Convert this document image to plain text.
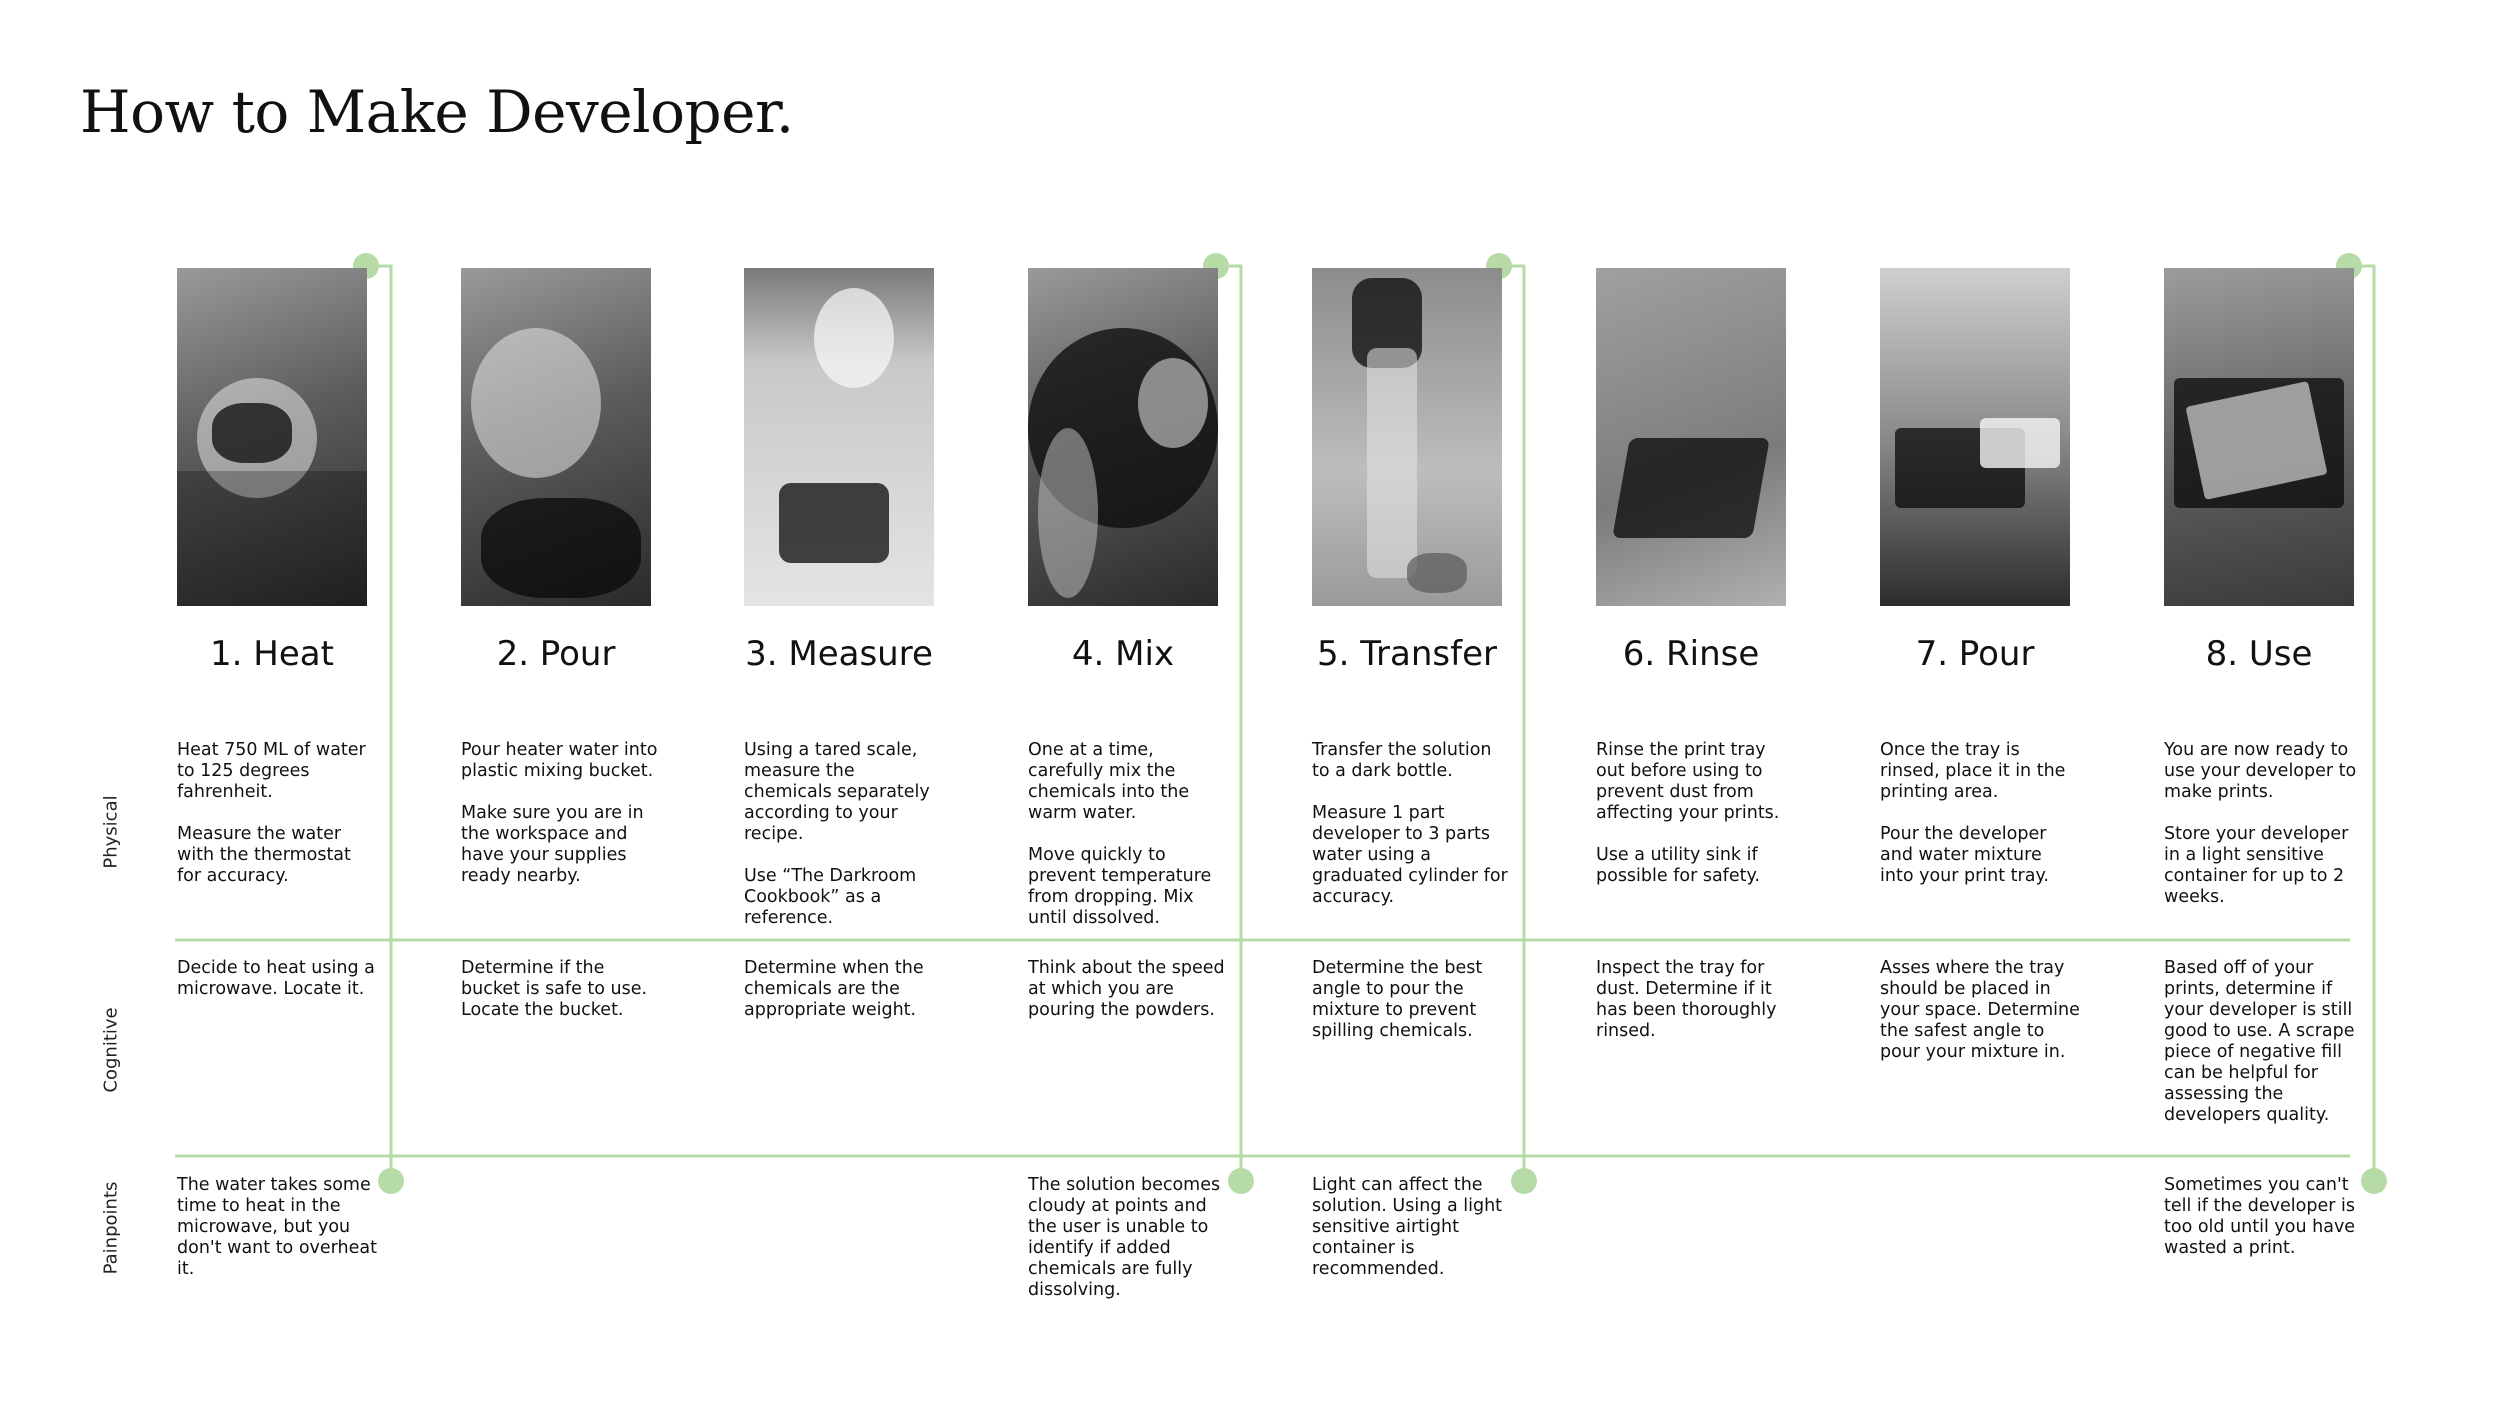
How to Make Developer.
Physical
Cognitive
Painpoints
1. Heat
Heat 750 ML of water to 125 degrees fahrenheit.

Measure the water with the thermostat for accuracy.
Decide to heat using a microwave. Locate it.
The water takes some time to heat in the microwave, but you don't want to overheat it.
2. Pour
Pour heater water into plastic mixing bucket.

Make sure you are in the workspace and have your supplies ready nearby.
Determine if the bucket is safe to use. Locate the bucket.
3. Measure
Using a tared scale, measure the chemicals separately according to your recipe.

Use “The Darkroom Cookbook” as a reference.
Determine when the chemicals are the appropriate weight.
4. Mix
One at a time, carefully mix the chemicals into the warm water.

Move quickly to prevent temperature from dropping. Mix until dissolved.
Think about the speed at which you are pouring the powders.
The solution becomes cloudy at points and the user is unable to identify if added chemicals are fully dissolving.
5. Transfer
Transfer the solution to a dark bottle.

Measure 1 part developer to 3 parts water using a graduated cylinder for accuracy.
Determine the best angle to pour the mixture to prevent spilling chemicals.
Light can affect the solution. Using a light sensitive airtight container is recommended.
6. Rinse
Rinse the print tray out before using to prevent dust from affecting your prints.

Use a utility sink if possible for safety.
Inspect the tray for dust. Determine if it has been thoroughly rinsed.
7. Pour
Once the tray is rinsed, place it in the printing area.

Pour the developer and water mixture into your print tray.
Asses where the tray should be placed in your space. Determine the safest angle to pour your mixture in.
8. Use
You are now ready to use your developer to make prints.

Store your developer in a light sensitive container for up to 2 weeks.
Based off of your prints, determine if your developer is still good to use. A scrape piece of negative fill can be helpful for assessing the developers quality.
Sometimes you can't tell if the developer is too old until you have wasted a print.
